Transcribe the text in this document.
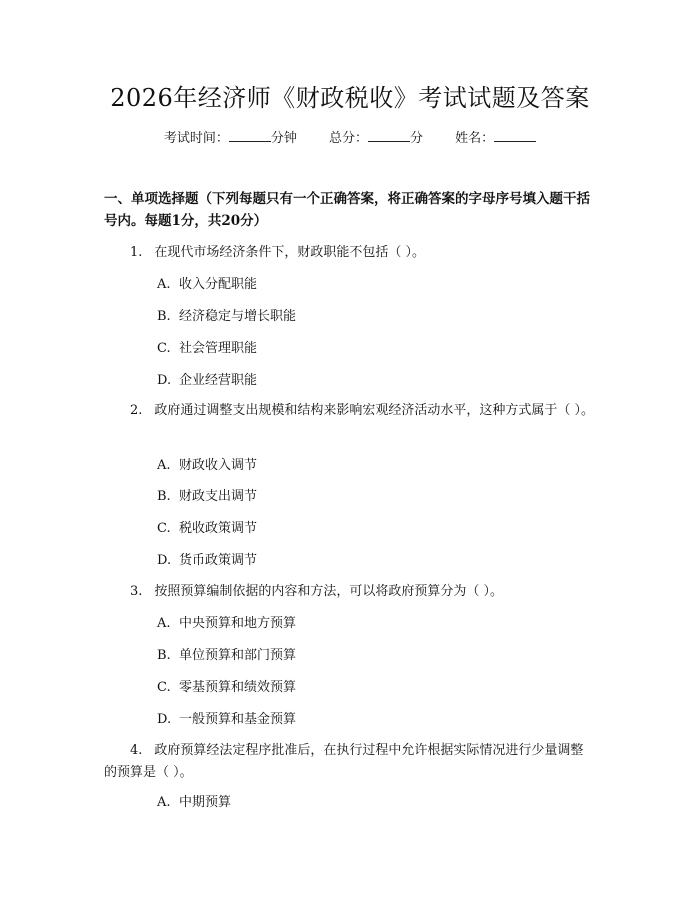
2026年经济师《财政税收》考试试题及答案
考试时间：	分钟 总分：	分 姓名：
一、单项选择题（下列每题只有一个正确答案，将正确答案的字母序号填入题干括号内。每题1分，共20分）
1. 在现代市场经济条件下，财政职能不包括（ ）。
A. 收入分配职能
B. 经济稳定与增长职能
C. 社会管理职能
D. 企业经营职能
2. 政府通过调整支出规模和结构来影响宏观经济活动水平，这种方式属于（ ）。
A. 财政收入调节
B. 财政支出调节
C. 税收政策调节
D. 货币政策调节
3. 按照预算编制依据的内容和方法，可以将政府预算分为（ ）。
A. 中央预算和地方预算
B. 单位预算和部门预算
C. 零基预算和绩效预算
D. 一般预算和基金预算
4. 政府预算经法定程序批准后，在执行过程中允许根据实际情况进行少量调整的预算是（ ）。
A. 中期预算
